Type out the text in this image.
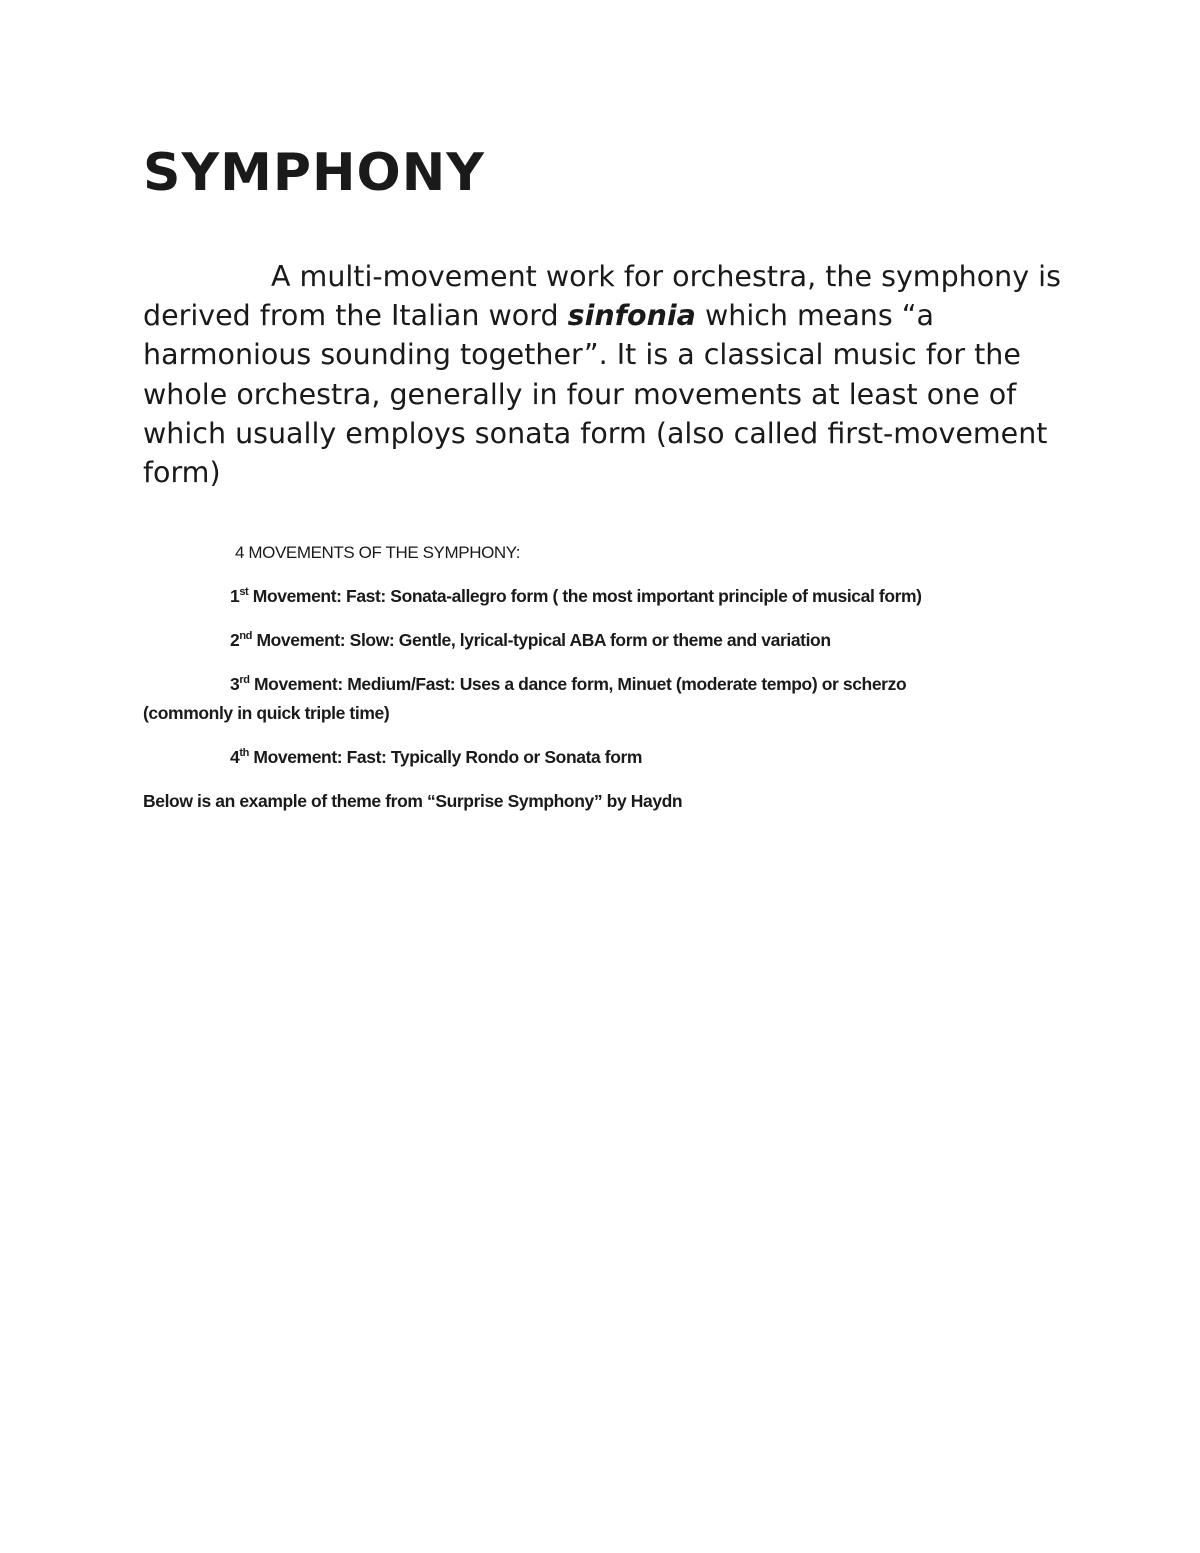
SYMPHONY

A multi-movement work for orchestra, the symphony is derived from the Italian word sinfonia which means “a harmonious sounding together”. It is a classical music for the whole orchestra, generally in four movements at least one of which usually employs sonata form (also called first-movement form)

4 MOVEMENTS OF THE SYMPHONY:
1st Movement: Fast: Sonata-allegro form ( the most important principle of musical form)
2nd Movement: Slow: Gentle, lyrical-typical ABA form or theme and variation
3rd Movement: Medium/Fast: Uses a dance form, Minuet (moderate tempo) or scherzo
(commonly in quick triple time)
4th Movement: Fast: Typically Rondo or Sonata form
Below is an example of theme from “Surprise Symphony” by Haydn
